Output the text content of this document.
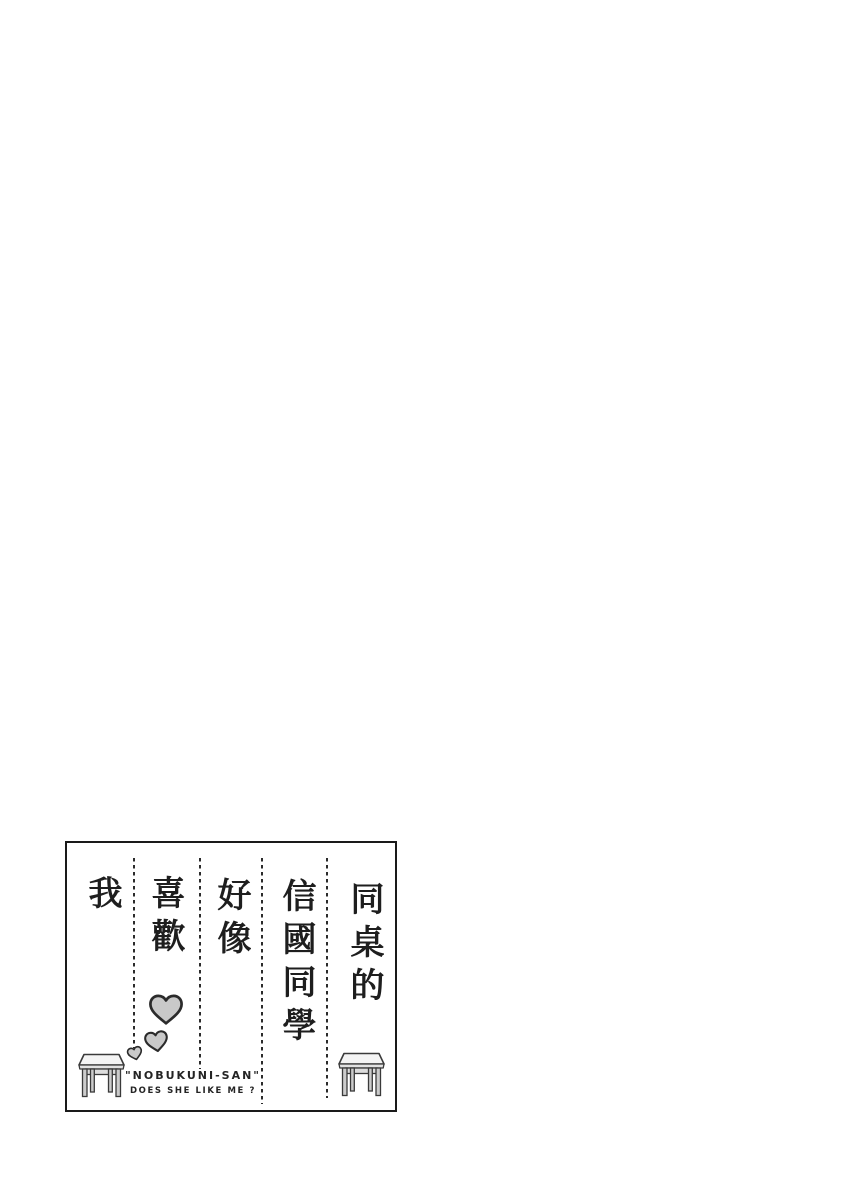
同桌的
信國同學
好像
喜歡
我
"NOBUKUNI-SAN"
DOES SHE LIKE ME ?
